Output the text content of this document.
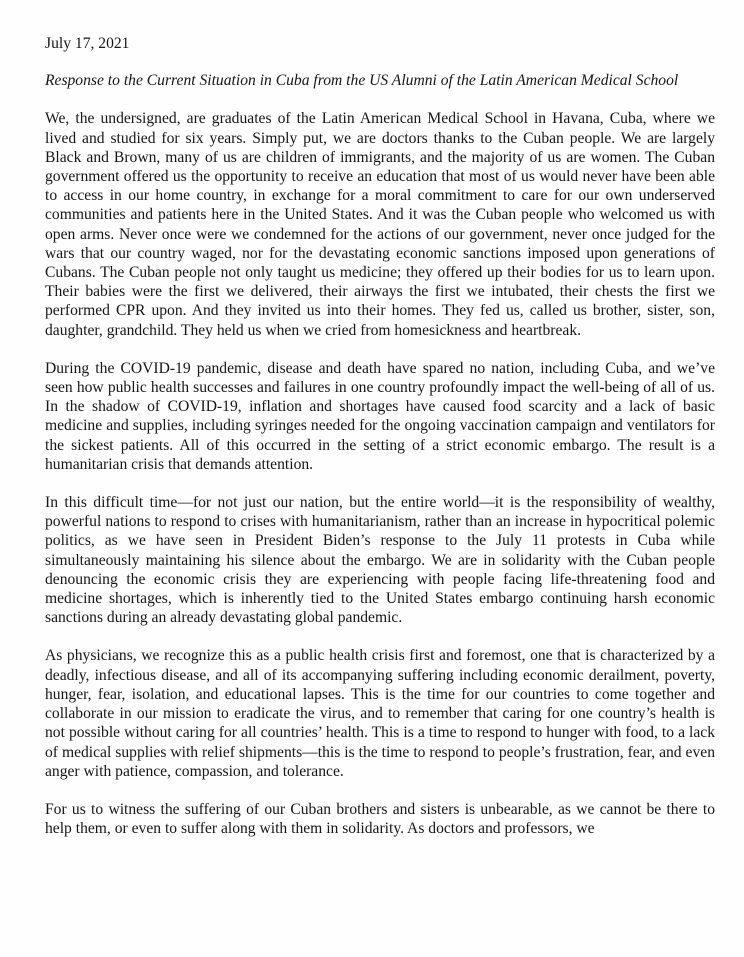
July 17, 2021
Response to the Current Situation in Cuba from the US Alumni of the Latin American Medical School
We, the undersigned, are graduates of the Latin American Medical School in Havana, Cuba, where we lived and studied for six years. Simply put, we are doctors thanks to the Cuban people. We are largely Black and Brown, many of us are children of immigrants, and the majority of us are women. The Cuban government offered us the opportunity to receive an education that most of us would never have been able to access in our home country, in exchange for a moral commitment to care for our own underserved communities and patients here in the United States. And it was the Cuban people who welcomed us with open arms. Never once were we condemned for the actions of our government, never once judged for the wars that our country waged, nor for the devastating economic sanctions imposed upon generations of Cubans. The Cuban people not only taught us medicine; they offered up their bodies for us to learn upon. Their babies were the first we delivered, their airways the first we intubated, their chests the first we performed CPR upon. And they invited us into their homes. They fed us, called us brother, sister, son, daughter, grandchild. They held us when we cried from homesickness and heartbreak.
During the COVID-19 pandemic, disease and death have spared no nation, including Cuba, and we’ve seen how public health successes and failures in one country profoundly impact the well-being of all of us. In the shadow of COVID-19, inflation and shortages have caused food scarcity and a lack of basic medicine and supplies, including syringes needed for the ongoing vaccination campaign and ventilators for the sickest patients. All of this occurred in the setting of a strict economic embargo. The result is a humanitarian crisis that demands attention.
In this difficult time—for not just our nation, but the entire world—it is the responsibility of wealthy, powerful nations to respond to crises with humanitarianism, rather than an increase in hypocritical polemic politics, as we have seen in President Biden’s response to the July 11 protests in Cuba while simultaneously maintaining his silence about the embargo. We are in solidarity with the Cuban people denouncing the economic crisis they are experiencing with people facing life-threatening food and medicine shortages, which is inherently tied to the United States embargo continuing harsh economic sanctions during an already devastating global pandemic.
As physicians, we recognize this as a public health crisis first and foremost, one that is characterized by a deadly, infectious disease, and all of its accompanying suffering including economic derailment, poverty, hunger, fear, isolation, and educational lapses. This is the time for our countries to come together and collaborate in our mission to eradicate the virus, and to remember that caring for one country’s health is not possible without caring for all countries’ health. This is a time to respond to hunger with food, to a lack of medical supplies with relief shipments—this is the time to respond to people’s frustration, fear, and even anger with patience, compassion, and tolerance.
For us to witness the suffering of our Cuban brothers and sisters is unbearable, as we cannot be there to help them, or even to suffer along with them in solidarity. As doctors and professors, we
